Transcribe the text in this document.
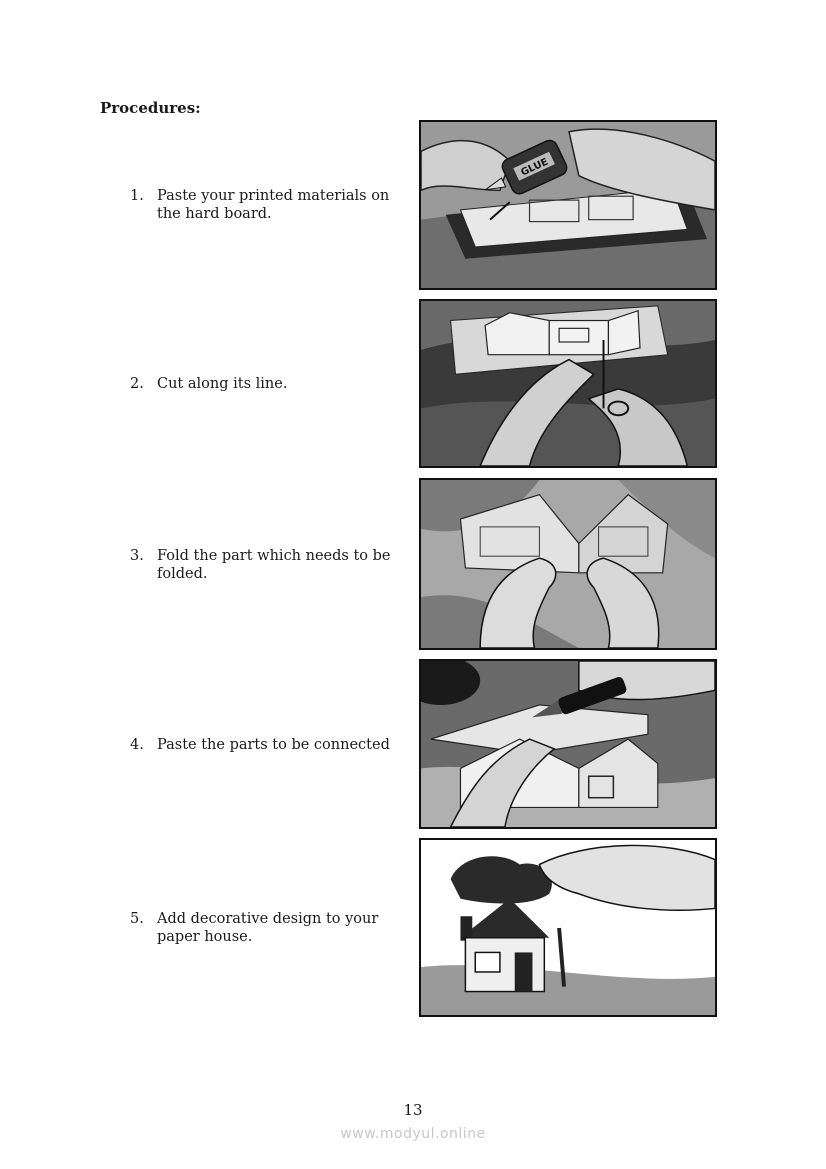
Procedures:
1. Paste your printed materials on the hard board.
GLUE
2. Cut along its line.
3. Fold the part which needs to be folded.
4. Paste the parts to be connected
5. Add decorative design to your paper house.
13
www.modyul.online
